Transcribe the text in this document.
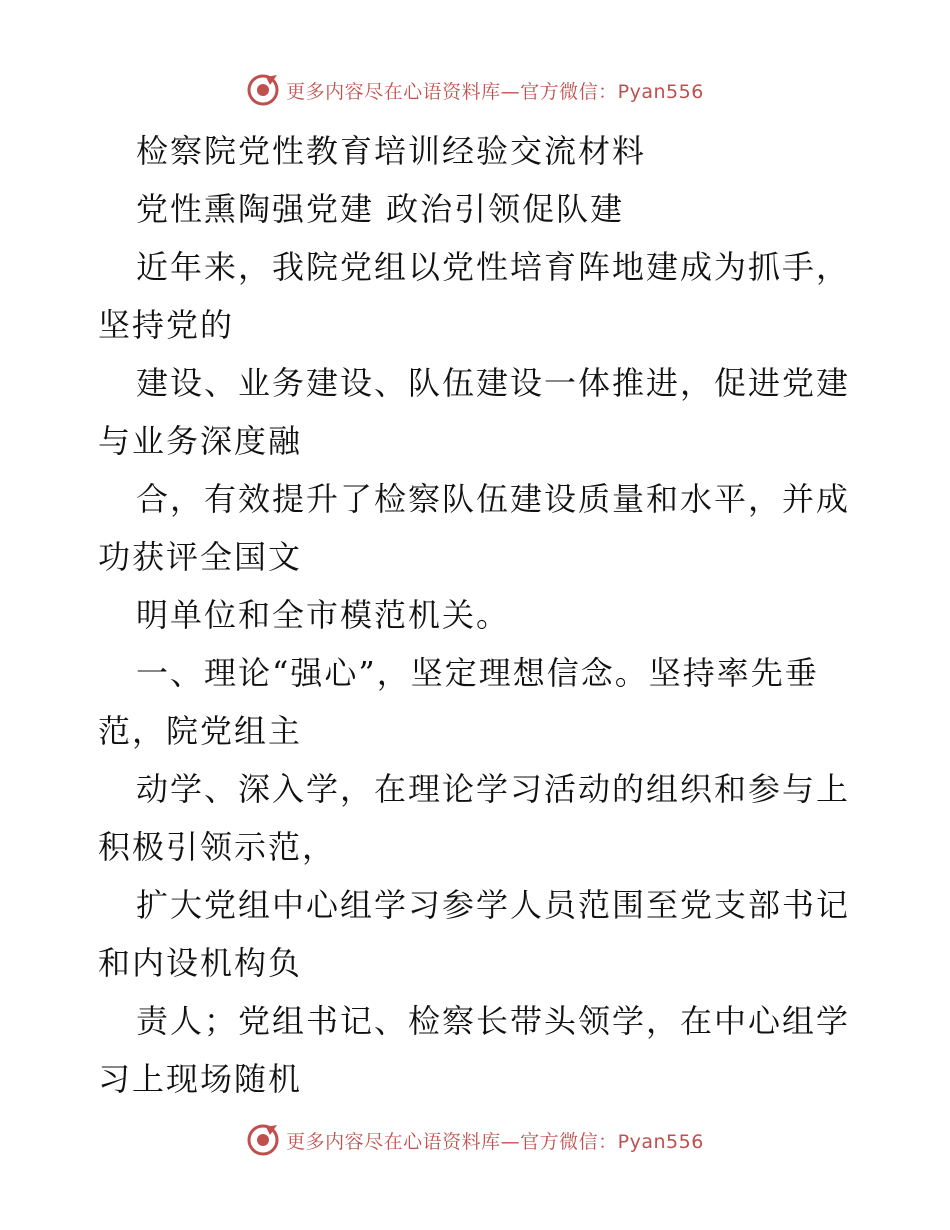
更多内容尽在心语资料库—官方微信：Pyan556
检察院党性教育培训经验交流材料
党性熏陶强党建 政治引领促队建
近年来，我院党组以党性培育阵地建成为抓手，
坚持党的
建设、业务建设、队伍建设一体推进，促进党建
与业务深度融
合，有效提升了检察队伍建设质量和水平，并成
功获评全国文
明单位和全市模范机关。
一、理论“强心”，坚定理想信念。坚持率先垂
范，院党组主
动学、深入学，在理论学习活动的组织和参与上
积极引领示范，
扩大党组中心组学习参学人员范围至党支部书记
和内设机构负
责人；党组书记、检察长带头领学，在中心组学
习上现场随机
更多内容尽在心语资料库—官方微信：Pyan556
